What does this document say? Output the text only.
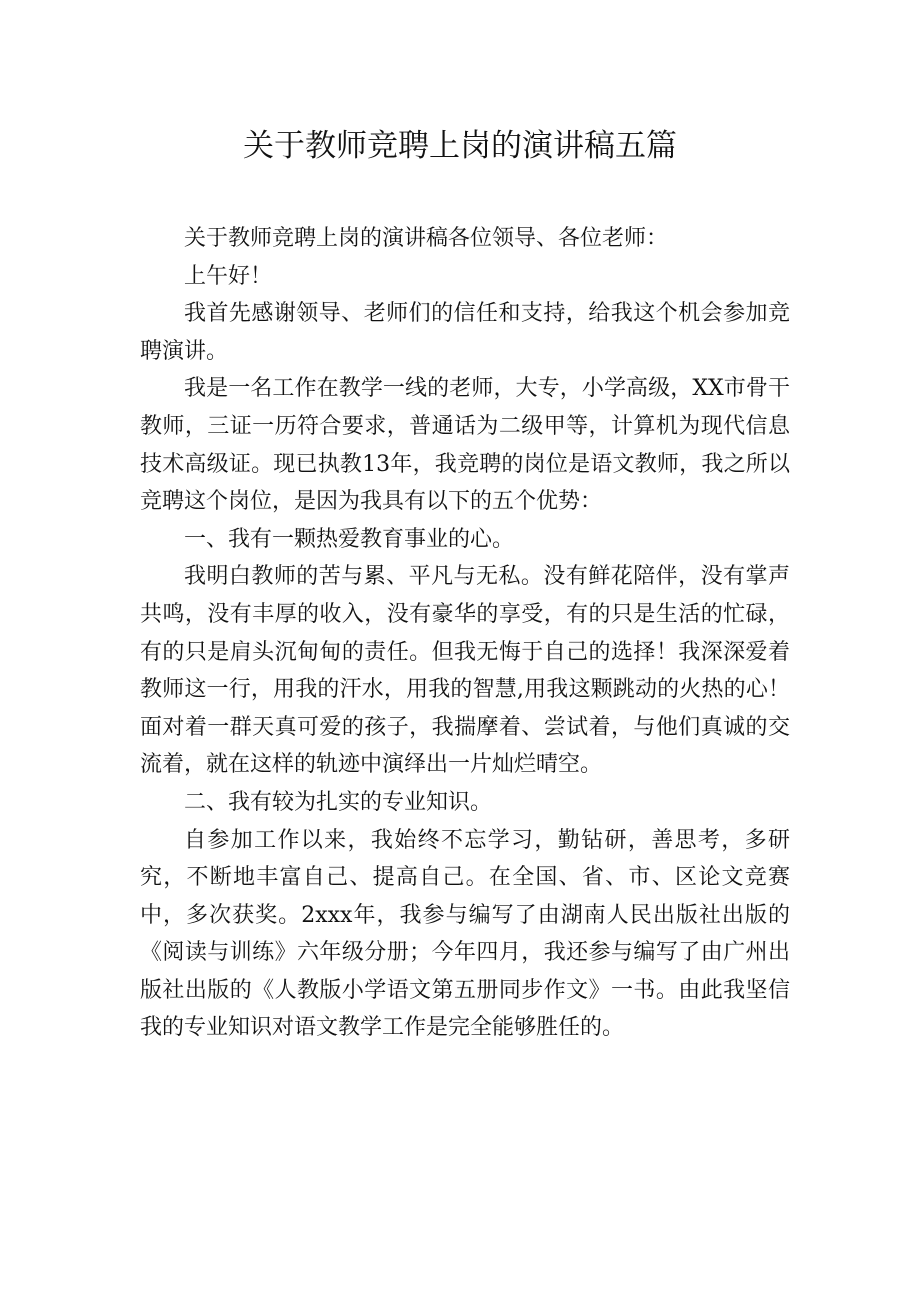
关于教师竞聘上岗的演讲稿五篇

关于教师竞聘上岗的演讲稿各位领导、各位老师：

上午好！

我首先感谢领导、老师们的信任和支持，给我这个机会参加竞聘演讲。

我是一名工作在教学一线的老师，大专，小学高级，XX市骨干教师，三证一历符合要求，普通话为二级甲等，计算机为现代信息技术高级证。现已执教13年，我竞聘的岗位是语文教师，我之所以竞聘这个岗位，是因为我具有以下的五个优势：

一、我有一颗热爱教育事业的心。

我明白教师的苦与累、平凡与无私。没有鲜花陪伴，没有掌声共鸣，没有丰厚的收入，没有豪华的享受，有的只是生活的忙碌，有的只是肩头沉甸甸的责任。但我无悔于自己的选择！我深深爱着教师这一行，用我的汗水，用我的智慧,用我这颗跳动的火热的心！面对着一群天真可爱的孩子，我揣摩着、尝试着，与他们真诚的交流着，就在这样的轨迹中演绎出一片灿烂晴空。

二、我有较为扎实的专业知识。

自参加工作以来，我始终不忘学习，勤钻研，善思考，多研究，不断地丰富自己、提高自己。在全国、省、市、区论文竞赛中，多次获奖。2xxx年，我参与编写了由湖南人民出版社出版的《阅读与训练》六年级分册；今年四月，我还参与编写了由广州出版社出版的《人教版小学语文第五册同步作文》一书。由此我坚信我的专业知识对语文教学工作是完全能够胜任的。
